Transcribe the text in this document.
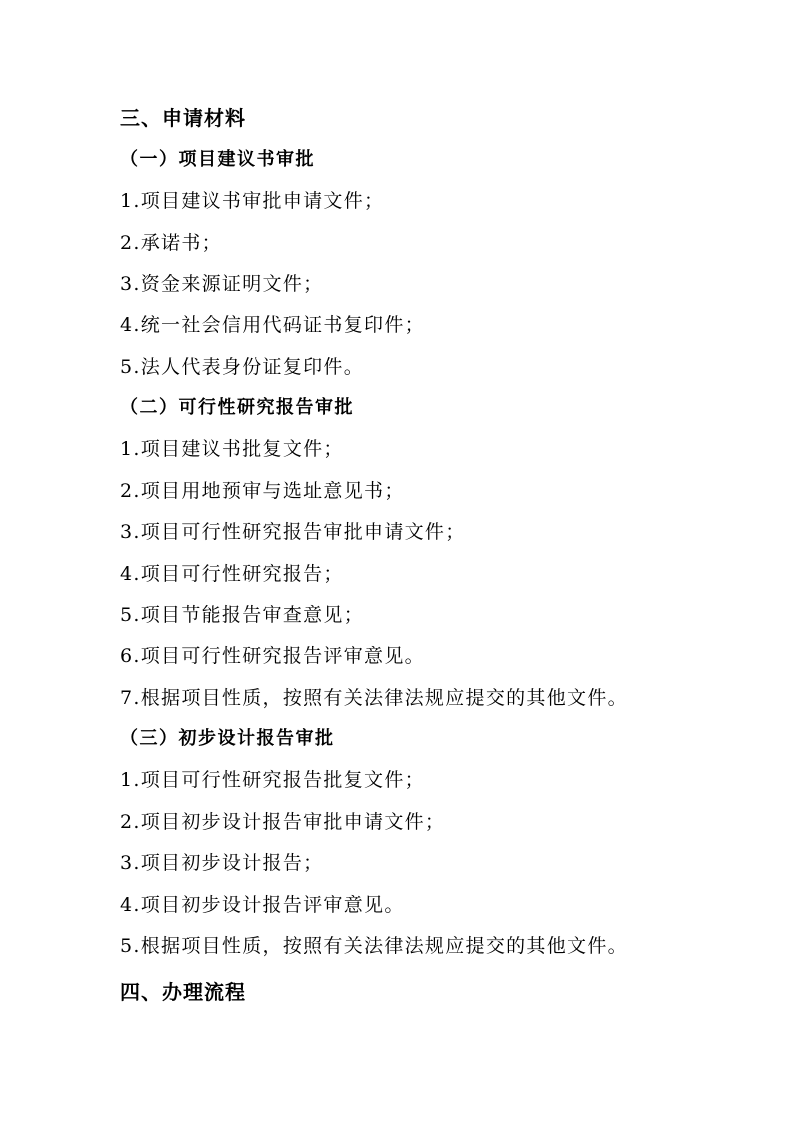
三、申请材料
（一）项目建议书审批
1.项目建议书审批申请文件；
2.承诺书；
3.资金来源证明文件；
4.统一社会信用代码证书复印件；
5.法人代表身份证复印件。
（二）可行性研究报告审批
1.项目建议书批复文件；
2.项目用地预审与选址意见书；
3.项目可行性研究报告审批申请文件；
4.项目可行性研究报告；
5.项目节能报告审查意见；
6.项目可行性研究报告评审意见。
7.根据项目性质，按照有关法律法规应提交的其他文件。
（三）初步设计报告审批
1.项目可行性研究报告批复文件；
2.项目初步设计报告审批申请文件；
3.项目初步设计报告；
4.项目初步设计报告评审意见。
5.根据项目性质，按照有关法律法规应提交的其他文件。
四、办理流程
